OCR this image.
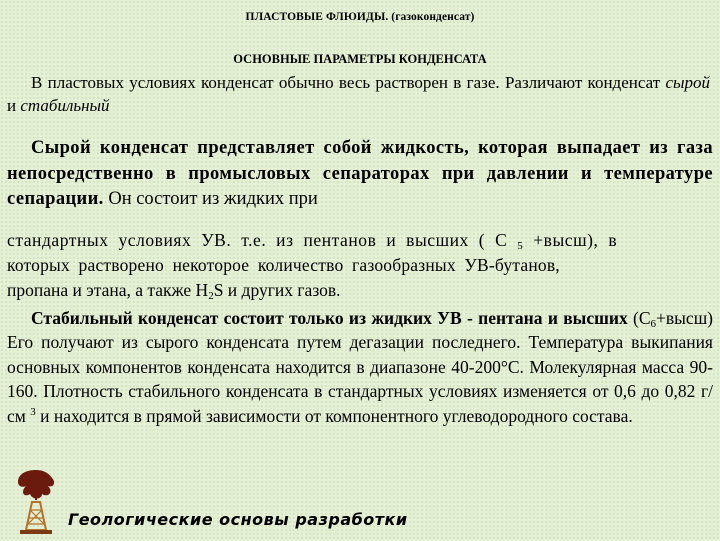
ПЛАСТОВЫЕ ФЛЮИДЫ. (газоконденсат)
ОСНОВНЫЕ ПАРАМЕТРЫ КОНДЕНСАТА
В пластовых условиях конденсат обычно весь растворен в газе. Различают конденсат сырой и стабильный
Сырой конденсат представляет собой жидкость, которая выпадает из газа непосредственно в промысловых сепараторах при давлении и температуре сепарации. Он состоит из жидких при
стандартных условиях УВ. т.е. из пентанов и высших ( С $_5$ +высш), в
которых растворено некоторое количество газообразных УВ-бутанов,
пропана и этана, а также $Н_2S$ и других газов.
Стабильный конденсат состоит только из жидких УВ - пентана и высших $(С_6+высш)$ Его получают из сырого конденсата путем дегазации последнего. Температура выкипания основных компонентов конденсата находится в диапазоне 40-200°С. Молекулярная масса 90-160. Плотность стабильного конденсата в стандартных условиях изменяется от 0,6 до 0,82 г/см $^3$ и находится в прямой зависимости от компонентного углеводородного состава.
Геологические основы разработки
